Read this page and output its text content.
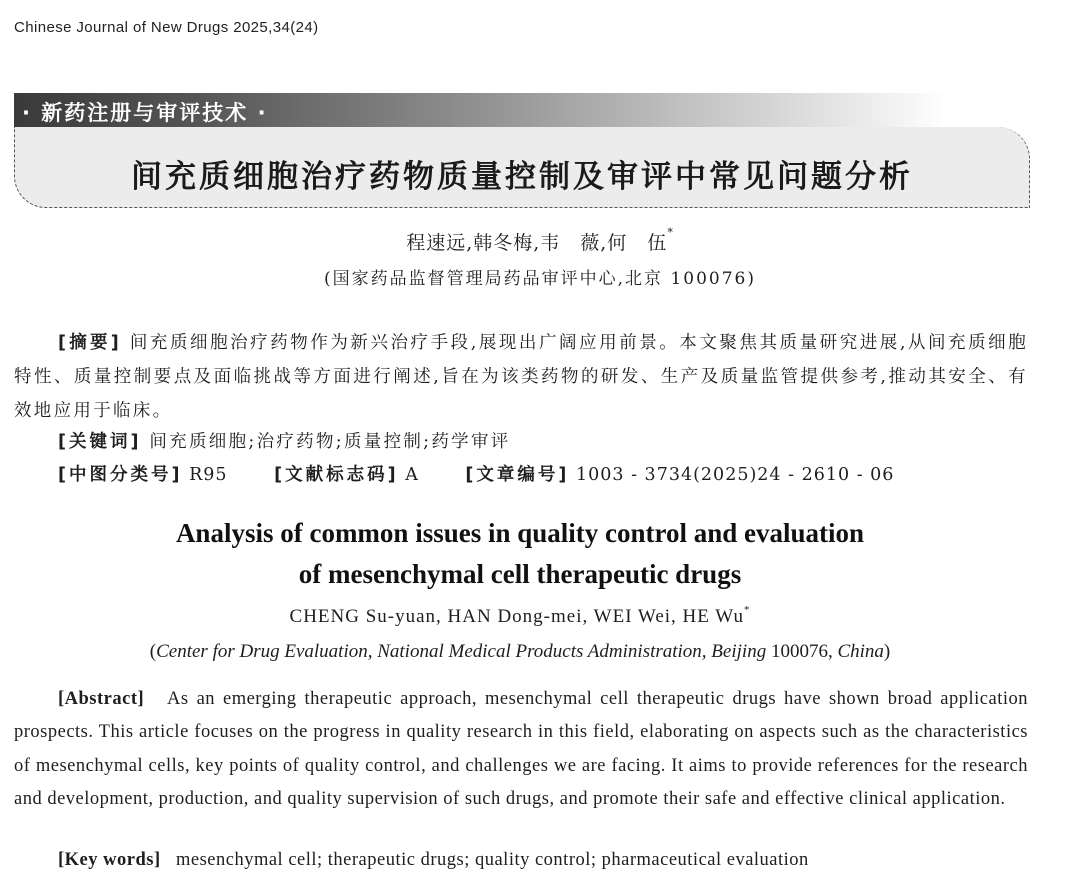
Chinese Journal of New Drugs 2025,34(24)
· 新药注册与审评技术 ·
间充质细胞治疗药物质量控制及审评中常见问题分析
程速远,韩冬梅,韦　薇,何　伍*
(国家药品监督管理局药品审评中心,北京 100076)

[摘要] 间充质细胞治疗药物作为新兴治疗手段,展现出广阔应用前景。本文聚焦其质量研究进展,从间充质细胞特性、质量控制要点及面临挑战等方面进行阐述,旨在为该类药物的研发、生产及质量监管提供参考,推动其安全、有效地应用于临床。

[关键词] 间充质细胞;治疗药物;质量控制;药学审评
[中图分类号] R95	[文献标志码] A	[文章编号] 1003 - 3734(2025)24 - 2610 - 06
Analysis of common issues in quality control and evaluation
of mesenchymal cell therapeutic drugs
CHENG Su-yuan, HAN Dong-mei, WEI Wei, HE Wu*
(Center for Drug Evaluation, National Medical Products Administration, Beijing 100076, China)

[Abstract] As an emerging therapeutic approach, mesenchymal cell therapeutic drugs have shown broad application prospects. This article focuses on the progress in quality research in this field, elaborating on aspects such as the characteristics of mesenchymal cells, key points of quality control, and challenges we are facing. It aims to provide references for the research and development, production, and quality supervision of such drugs, and promote their safe and effective clinical application.

[Key words] mesenchymal cell; therapeutic drugs; quality control; pharmaceutical evaluation
